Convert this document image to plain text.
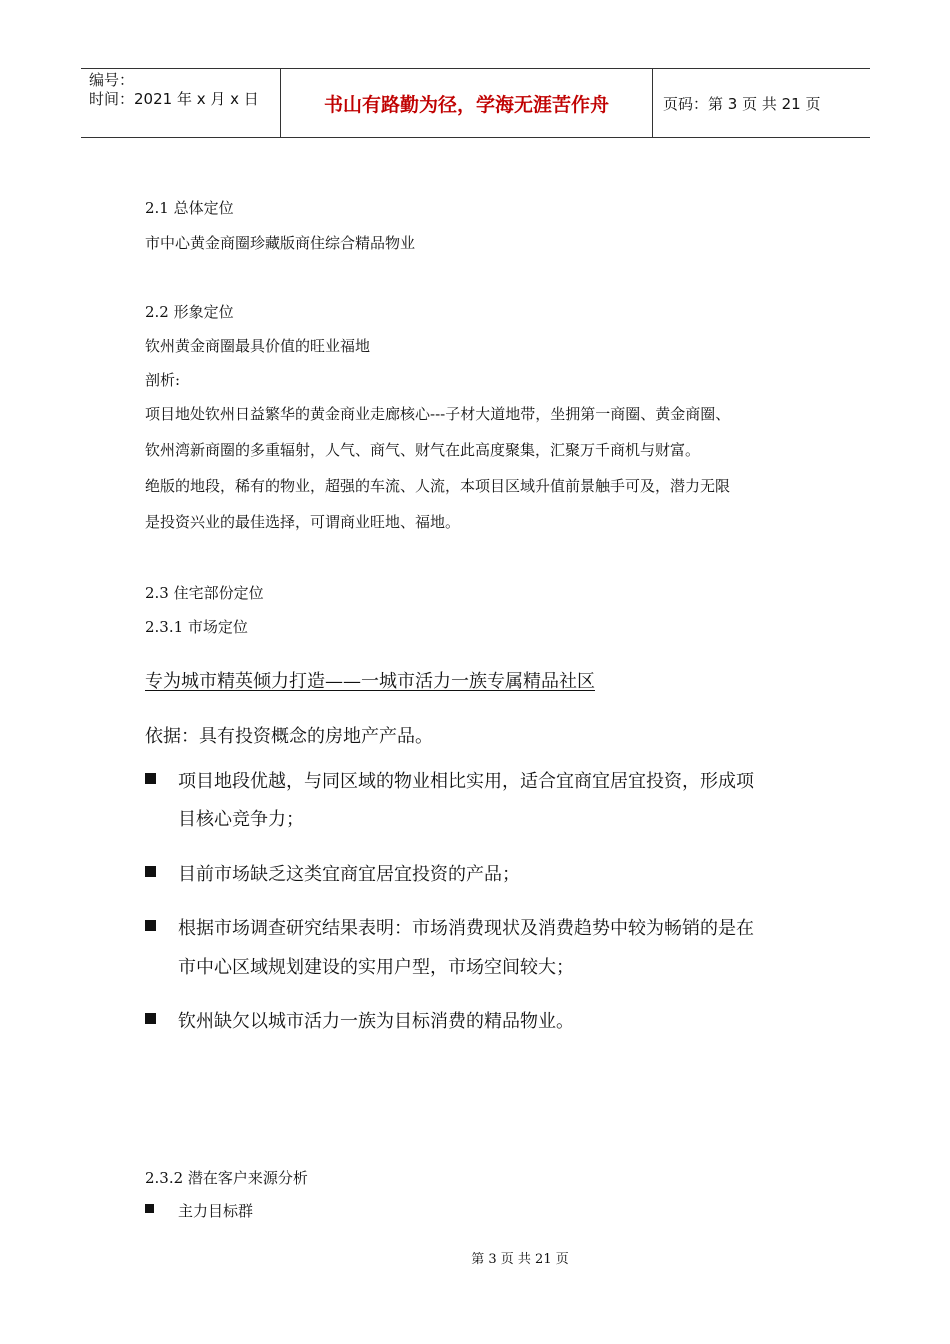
编号：
时间：2021 年 x 月 x 日	书山有路勤为径，学海无涯苦作舟	页码：第 3 页 共 21 页
2.1 总体定位
市中心黄金商圈珍藏版商住综合精品物业
2.2 形象定位
钦州黄金商圈最具价值的旺业福地
剖析:
项目地处钦州日益繁华的黄金商业走廊核心---子材大道地带，坐拥第一商圈、黄金商圈、
钦州湾新商圈的多重辐射，人气、商气、财气在此高度聚集，汇聚万千商机与财富。
绝版的地段，稀有的物业，超强的车流、人流，本项目区域升值前景触手可及，潜力无限
是投资兴业的最佳选择，可谓商业旺地、福地。
2.3 住宅部份定位
2.3.1 市场定位
专为城市精英倾力打造——一城市活力一族专属精品社区
依据：具有投资概念的房地产产品。
项目地段优越，与同区域的物业相比实用，适合宜商宜居宜投资，形成项
目核心竞争力；
目前市场缺乏这类宜商宜居宜投资的产品；
根据市场调查研究结果表明：市场消费现状及消费趋势中较为畅销的是在
市中心区域规划建设的实用户型，市场空间较大；
钦州缺欠以城市活力一族为目标消费的精品物业。
2.3.2 潜在客户来源分析
主力目标群
第 3 页 共 21 页
